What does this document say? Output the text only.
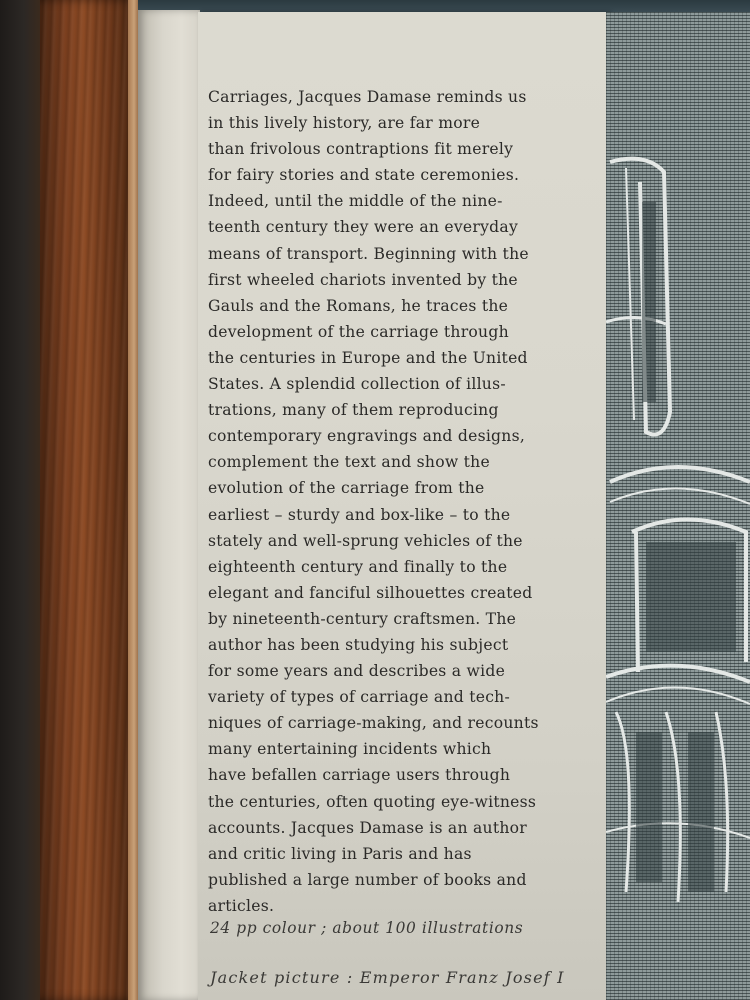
Carriages, Jacques Damase reminds us
in this lively history, are far more
than frivolous contraptions fit merely
for fairy stories and state ceremonies.
Indeed, until the middle of the nine-
teenth century they were an everyday
means of transport. Beginning with the
first wheeled chariots invented by the
Gauls and the Romans, he traces the
development of the carriage through
the centuries in Europe and the United
States. A splendid collection of illus-
trations, many of them reproducing
contemporary engravings and designs,
complement the text and show the
evolution of the carriage from the
earliest – sturdy and box-like – to the
stately and well-sprung vehicles of the
eighteenth century and finally to the
elegant and fanciful silhouettes created
by nineteenth-century craftsmen. The
author has been studying his subject
for some years and describes a wide
variety of types of carriage and tech-
niques of carriage-making, and recounts
many entertaining incidents which
have befallen carriage users through
the centuries, often quoting eye-witness
accounts. Jacques Damase is an author
and critic living in Paris and has
published a large number of books and
articles.
24 pp colour ; about 100 illustrations
Jacket picture : Emperor Franz Josef I
